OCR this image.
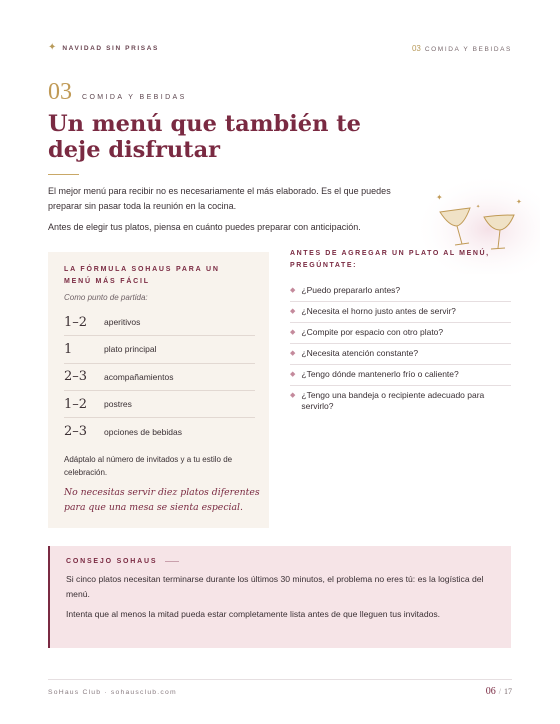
✦ NAVIDAD SIN PRISAS	03 COMIDA Y BEBIDAS
03 COMIDA Y BEBIDAS
Un menú que también te deje disfrutar

El mejor menú para recibir no es necesariamente el más elaborado. Es el que puedes preparar sin pasar toda la reunión en la cocina.

Antes de elegir tus platos, piensa en cuánto puedes preparar con anticipación.

✦	✦
✦
LA FÓRMULA SOHAUS PARA UN MENÚ MÁS FÁCIL
Como punto de partida:
1–2	aperitivos
1	plato principal
2–3	acompañamientos
1–2	postres
2–3	opciones de bebidas
Adáptalo al número de invitados y a tu estilo de celebración.
No necesitas servir diez platos diferentes para que una mesa se sienta especial.
ANTES DE AGREGAR UN PLATO AL MENÚ, PREGÚNTATE:
◆ ¿Puedo prepararlo antes?
◆ ¿Necesita el horno justo antes de servir?
◆ ¿Compite por espacio con otro plato?
◆ ¿Necesita atención constante?
◆ ¿Tengo dónde mantenerlo frío o caliente?
◆ ¿Tengo una bandeja o recipiente adecuado para servirlo?
CONSEJO SOHAUS

Si cinco platos necesitan terminarse durante los últimos 30 minutos, el problema no eres tú: es la logística del menú.

Intenta que al menos la mitad pueda estar completamente lista antes de que lleguen tus invitados.

SoHaus Club · sohausclub.com	06 / 17
